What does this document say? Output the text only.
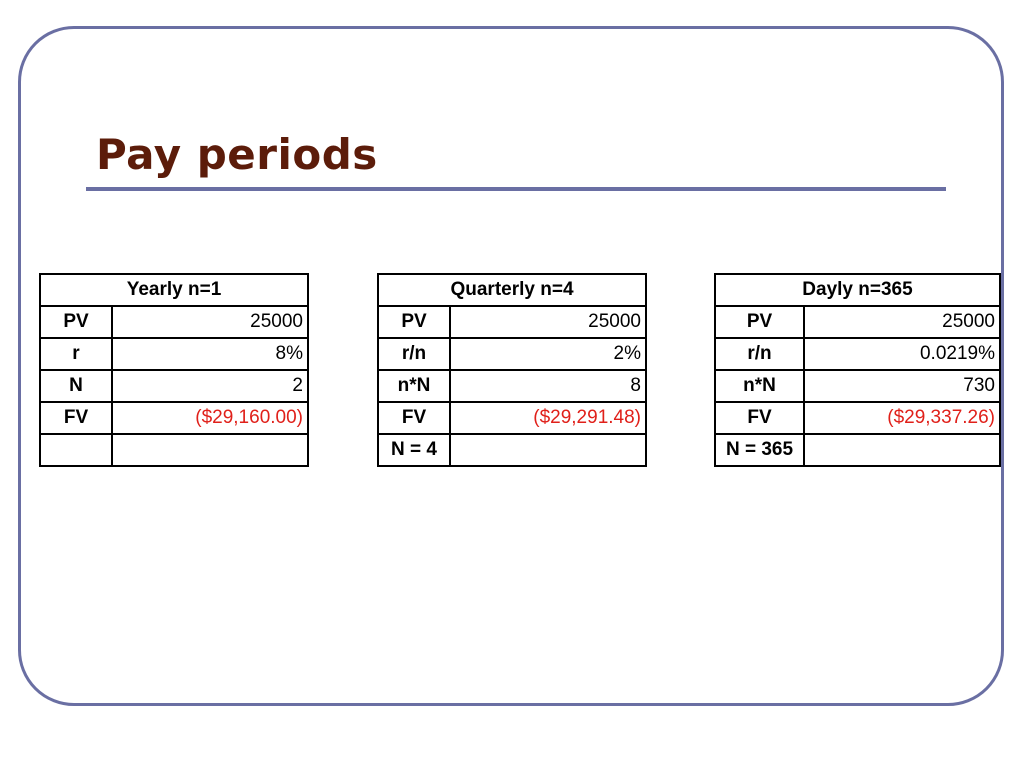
Pay periods
Yearly n=1	
PV	25000
r	8%
N	2
FV	($29,160.00)

Quarterly n=4	
PV	25000
r/n	2%
n*N	8
FV	($29,291.48)
N = 4	
Dayly n=365	
PV	25000
r/n	0.0219%
n*N	730
FV	($29,337.26)
N = 365	
